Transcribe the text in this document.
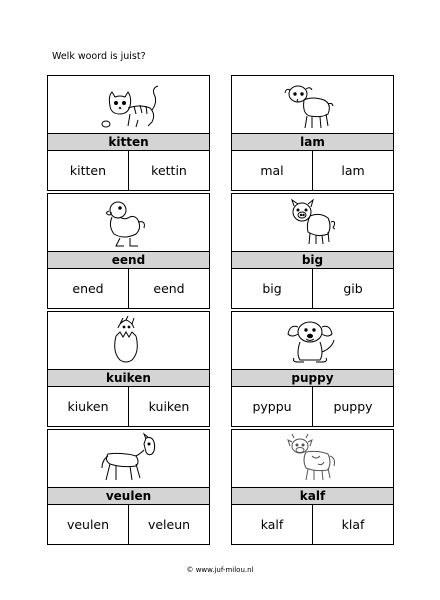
Welk woord is juist?
kitten
kitten	kettin
lam
mal	lam
eend
ened	eend
big
big	gib
kuiken
kiuken	kuiken
puppy
pyppu	puppy
veulen
veulen	veleun
kalf
kalf	klaf
© www.juf-milou.nl
